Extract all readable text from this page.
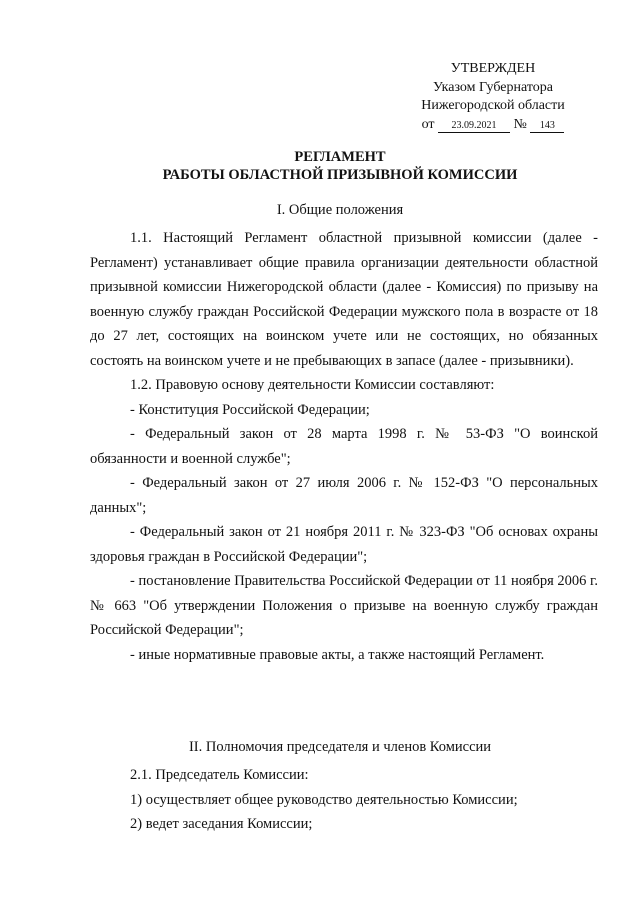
УТВЕРЖДЕН
Указом Губернатора
Нижегородской области
от 23.09.2021 № 143
РЕГЛАМЕНТ
РАБОТЫ ОБЛАСТНОЙ ПРИЗЫВНОЙ КОМИССИИ
I. Общие положения

1.1. Настоящий Регламент областной призывной комиссии (далее - Регламент) устанавливает общие правила организации деятельности областной призывной комиссии Нижегородской области (далее - Комиссия) по призыву на военную службу граждан Российской Федерации мужского пола в возрасте от 18 до 27 лет, состоящих на воинском учете или не состоящих, но обязанных состоять на воинском учете и не пребывающих в запасе (далее - призывники).

1.2. Правовую основу деятельности Комиссии составляют:

- Конституция Российской Федерации;

- Федеральный закон от 28 марта 1998 г. № 53-ФЗ "О воинской обязанности и военной службе";

- Федеральный закон от 27 июля 2006 г. № 152-ФЗ "О персональных данных";

- Федеральный закон от 21 ноября 2011 г. № 323-ФЗ "Об основах охраны здоровья граждан в Российской Федерации";

- постановление Правительства Российской Федерации от 11 ноября 2006 г. № 663 "Об утверждении Положения о призыве на военную службу граждан Российской Федерации";

- иные нормативные правовые акты, а также настоящий Регламент.

II. Полномочия председателя и членов Комиссии

2.1. Председатель Комиссии:

1) осуществляет общее руководство деятельностью Комиссии;

2) ведет заседания Комиссии;
